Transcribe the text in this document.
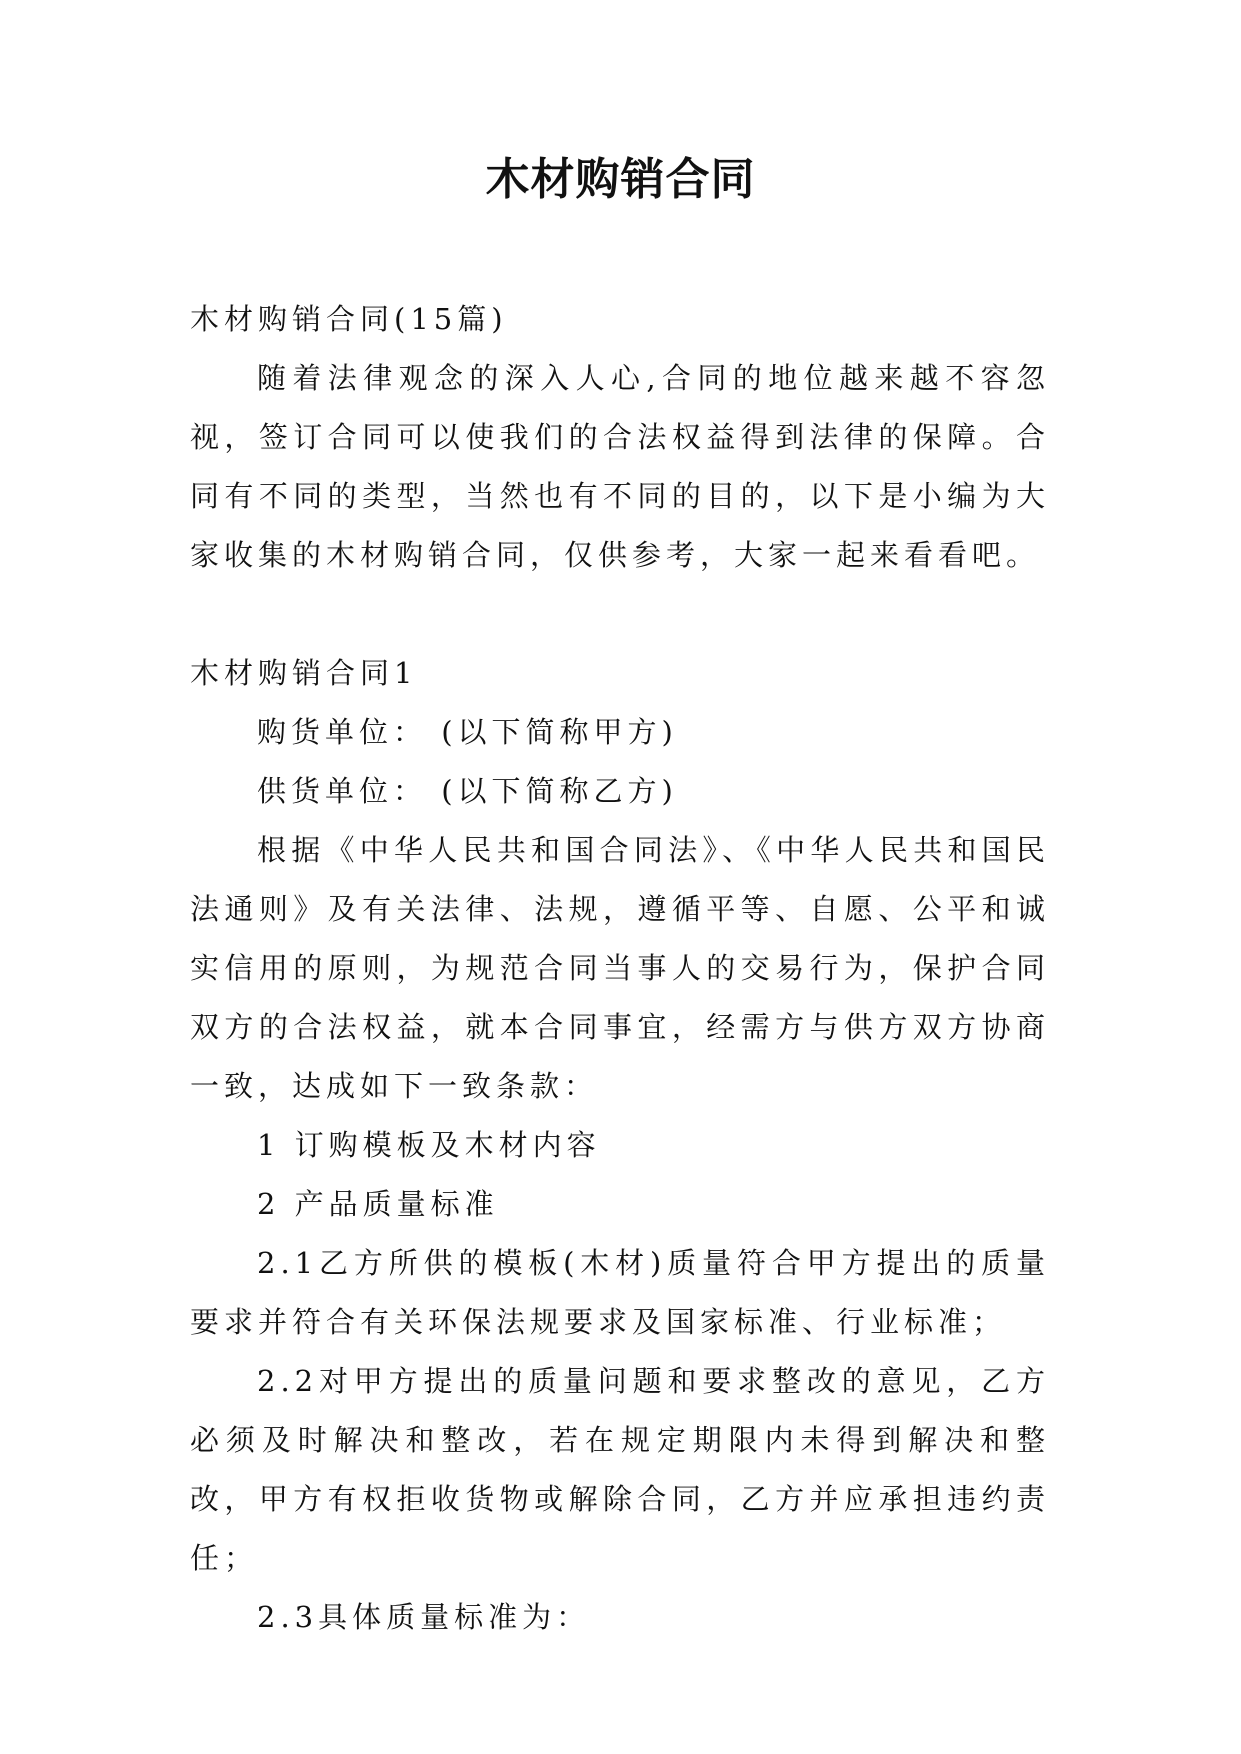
木材购销合同

木材购销合同(15篇)

随着法律观念的深入人心,合同的地位越来越不容忽视，签订合同可以使我们的合法权益得到法律的保障。合同有不同的类型，当然也有不同的目的，以下是小编为大家收集的木材购销合同，仅供参考，大家一起来看看吧。

木材购销合同1

购货单位： (以下简称甲方)

供货单位： (以下简称乙方)

根据《中华人民共和国合同法》、《中华人民共和国民法通则》及有关法律、法规，遵循平等、自愿、公平和诚实信用的原则，为规范合同当事人的交易行为，保护合同双方的合法权益，就本合同事宜，经需方与供方双方协商一致，达成如下一致条款：

1 订购模板及木材内容

2 产品质量标准

2.1乙方所供的模板(木材)质量符合甲方提出的质量要求并符合有关环保法规要求及国家标准、行业标准；

2.2对甲方提出的质量问题和要求整改的意见，乙方必须及时解决和整改，若在规定期限内未得到解决和整改，甲方有权拒收货物或解除合同，乙方并应承担违约责任；

2.3具体质量标准为：
